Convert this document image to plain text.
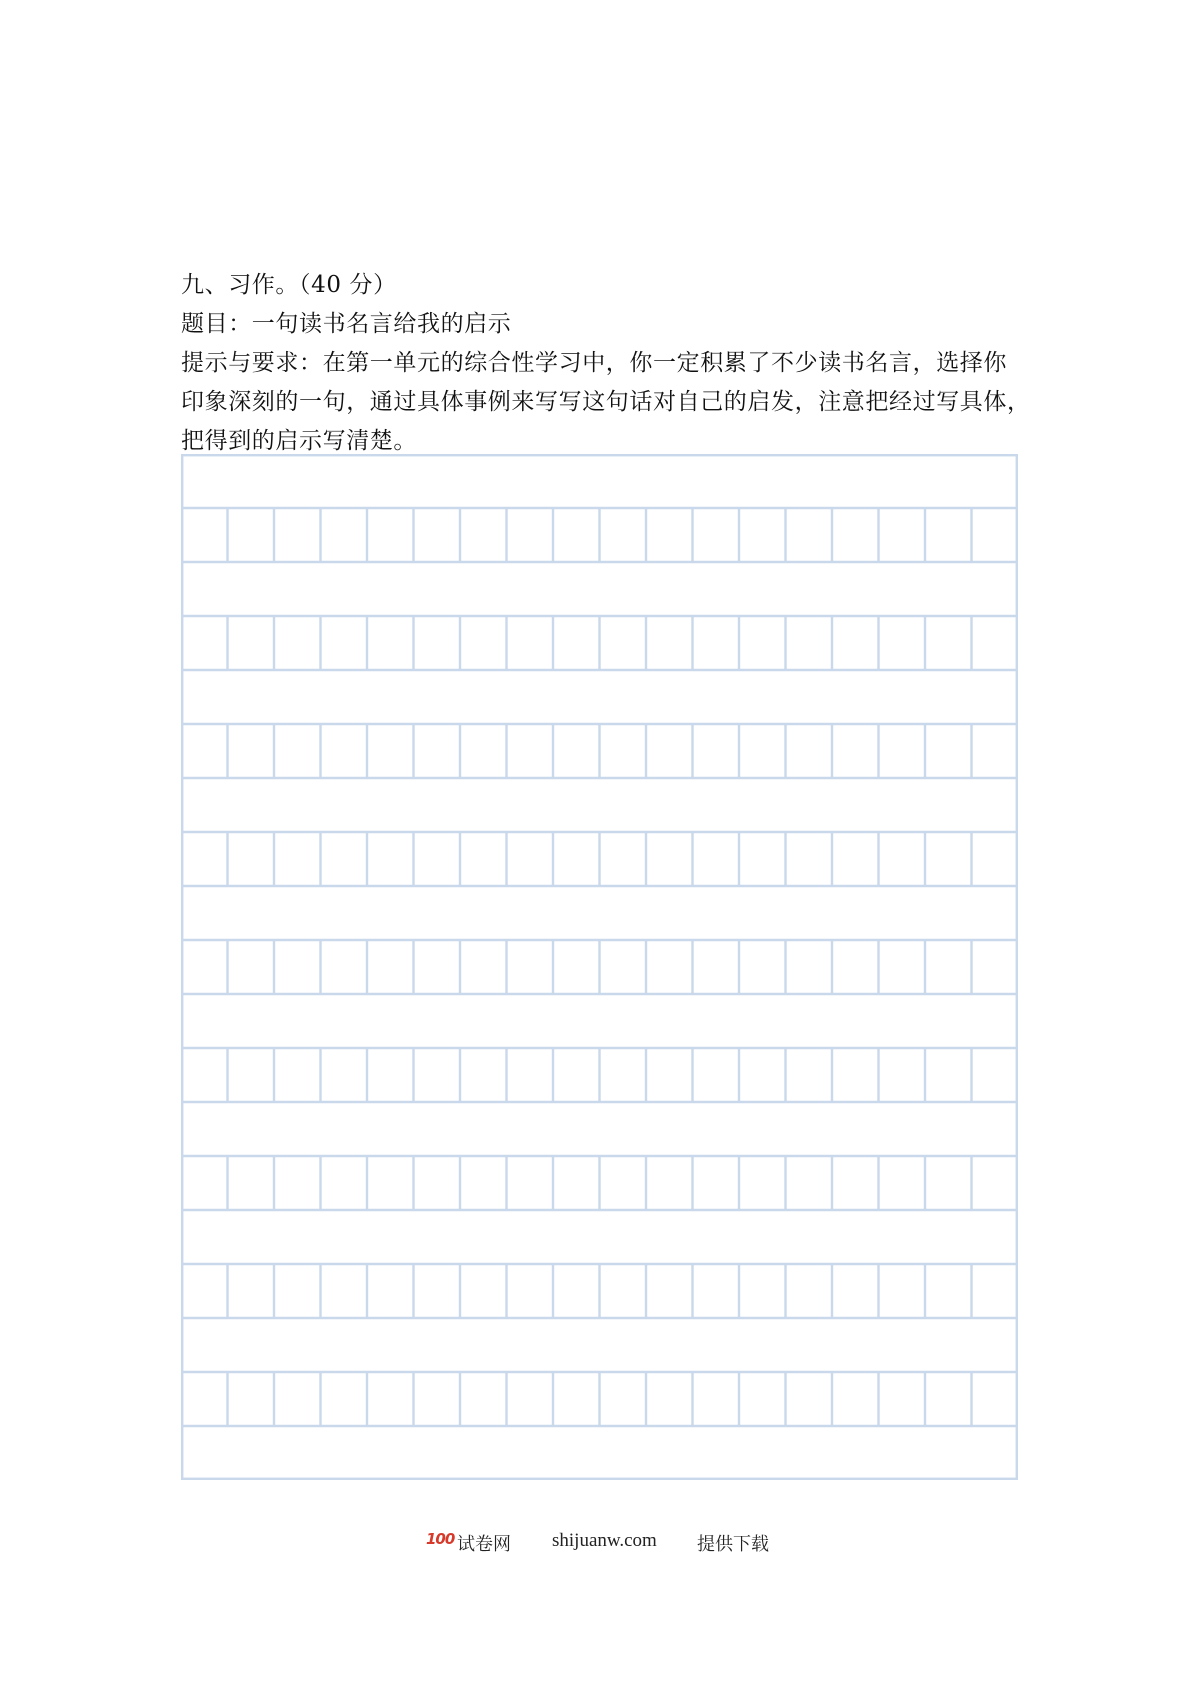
九、习作。（40 分）
题目：一句读书名言给我的启示
提示与要求：在第一单元的综合性学习中，你一定积累了不少读书名言，选择你
印象深刻的一句，通过具体事例来写写这句话对自己的启发，注意把经过写具体，
把得到的启示写清楚。
100 试卷网 shijuanw.com 提供下载
